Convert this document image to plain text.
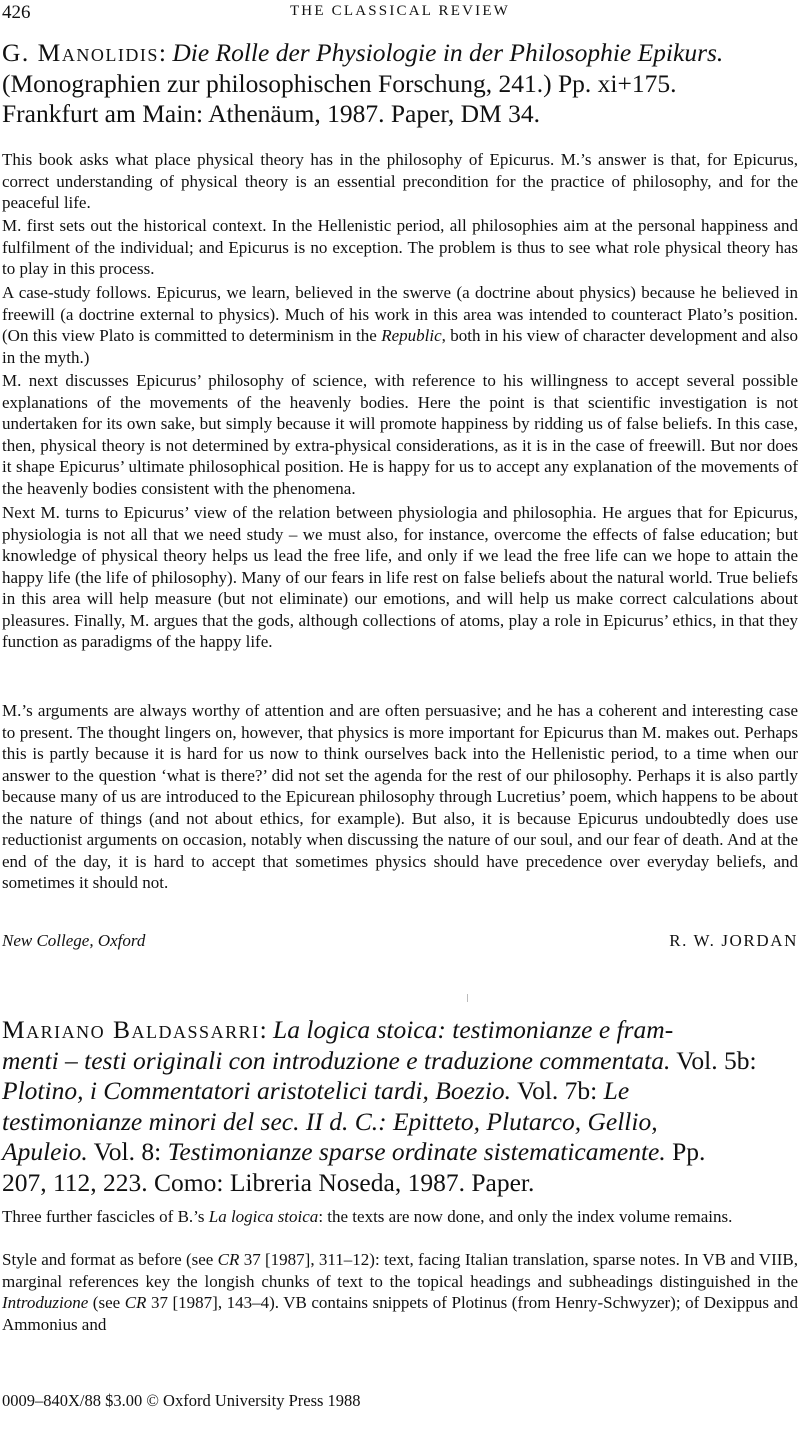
426	THE CLASSICAL REVIEW
G. Manolidis: Die Rolle der Physiologie in der Philosophie Epikurs.
(Monographien zur philosophischen Forschung, 241.) Pp. xi+175.
Frankfurt am Main: Athenäum, 1987. Paper, DM 34.

This book asks what place physical theory has in the philosophy of Epicurus. M.’s answer is that, for Epicurus, correct understanding of physical theory is an essential precondition for the practice of philosophy, and for the peaceful life.

M. first sets out the historical context. In the Hellenistic period, all philosophies aim at the personal happiness and fulfilment of the individual; and Epicurus is no exception. The problem is thus to see what role physical theory has to play in this process.

A case-study follows. Epicurus, we learn, believed in the swerve (a doctrine about physics) because he believed in freewill (a doctrine external to physics). Much of his work in this area was intended to counteract Plato’s position. (On this view Plato is committed to determinism in the Republic, both in his view of character development and also in the myth.)

M. next discusses Epicurus’ philosophy of science, with reference to his willingness to accept several possible explanations of the movements of the heavenly bodies. Here the point is that scientific investigation is not undertaken for its own sake, but simply because it will promote happiness by ridding us of false beliefs. In this case, then, physical theory is not determined by extra-physical considerations, as it is in the case of freewill. But nor does it shape Epicurus’ ultimate philosophical position. He is happy for us to accept any explanation of the movements of the heavenly bodies consistent with the phenomena.

Next M. turns to Epicurus’ view of the relation between physiologia and philosophia. He argues that for Epicurus, physiologia is not all that we need study – we must also, for instance, overcome the effects of false education; but knowledge of physical theory helps us lead the free life, and only if we lead the free life can we hope to attain the happy life (the life of philosophy). Many of our fears in life rest on false beliefs about the natural world. True beliefs in this area will help measure (but not eliminate) our emotions, and will help us make correct calculations about pleasures. Finally, M. argues that the gods, although collections of atoms, play a role in Epicurus’ ethics, in that they function as paradigms of the happy life.

M.’s arguments are always worthy of attention and are often persuasive; and he has a coherent and interesting case to present. The thought lingers on, however, that physics is more important for Epicurus than M. makes out. Perhaps this is partly because it is hard for us now to think ourselves back into the Hellenistic period, to a time when our answer to the question ‘what is there?’ did not set the agenda for the rest of our philosophy. Perhaps it is also partly because many of us are introduced to the Epicurean philosophy through Lucretius’ poem, which happens to be about the nature of things (and not about ethics, for example). But also, it is because Epicurus undoubtedly does use reductionist arguments on occasion, notably when discussing the nature of our soul, and our fear of death. And at the end of the day, it is hard to accept that sometimes physics should have precedence over everyday beliefs, and sometimes it should not.

New College, Oxford	R. W. JORDAN
Mariano Baldassarri: La logica stoica: testimonianze e fram-
menti – testi originali con introduzione e traduzione commentata. Vol. 5b:
Plotino, i Commentatori aristotelici tardi, Boezio. Vol. 7b: Le
testimonianze minori del sec. II d. C.: Epitteto, Plutarco, Gellio,
Apuleio. Vol. 8: Testimonianze sparse ordinate sistematicamente. Pp.
207, 112, 223. Como: Libreria Noseda, 1987. Paper.

Three further fascicles of B.’s La logica stoica: the texts are now done, and only the index volume remains.

Style and format as before (see CR 37 [1987], 311–12): text, facing Italian translation, sparse notes. In VB and VIIB, marginal references key the longish chunks of text to the topical headings and subheadings distinguished in the Introduzione (see CR 37 [1987], 143–4). VB contains snippets of Plotinus (from Henry-Schwyzer); of Dexippus and Ammonius and

0009–840X/88 $3.00 © Oxford University Press 1988
